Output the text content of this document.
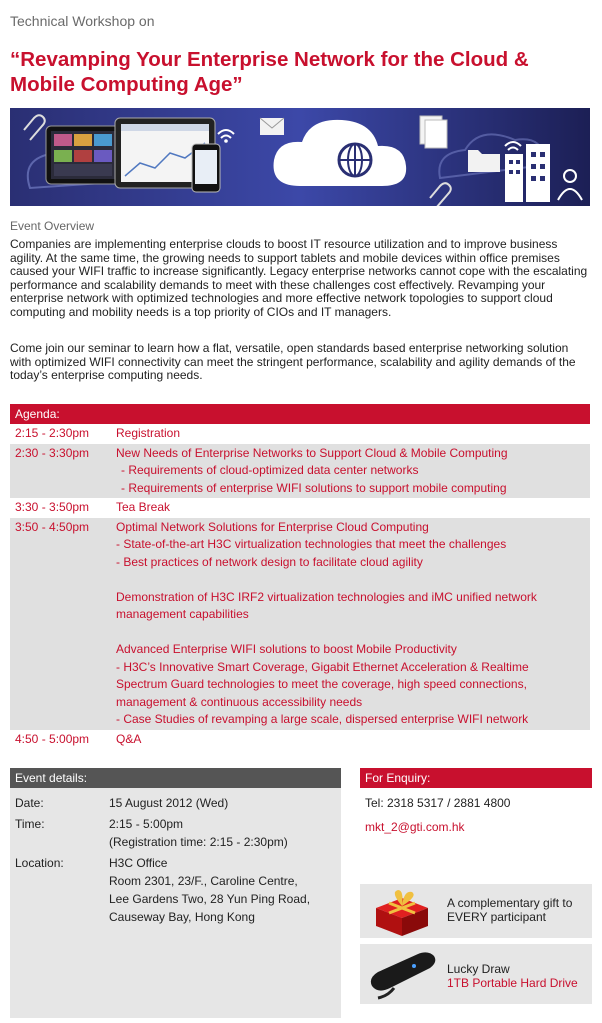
Technical Workshop on
“Revamping Your Enterprise Network for the Cloud &
Mobile Computing Age”
Event Overview
Companies are implementing enterprise clouds to boost IT resource utilization and to improve business agility. At the same time, the growing needs to support tablets and mobile devices within office premises caused your WIFI traffic to increase significantly. Legacy enterprise networks cannot cope with the escalating performance and scalability demands to meet with these challenges cost effectively. Revamping your enterprise network with optimized technologies and more effective network topologies to support cloud computing and mobility needs is a top priority of CIOs and IT managers.
Come join our seminar to learn how a flat, versatile, open standards based enterprise networking solution with optimized WIFI connectivity can meet the stringent performance, scalability and agility demands of the today’s enterprise computing needs.
Agenda:
2:15 - 2:30pm	Registration
2:30 - 3:30pm	New Needs of Enterprise Networks to Support Cloud & Mobile Computing
- Requirements of cloud-optimized data center networks
- Requirements of enterprise WIFI solutions to support mobile computing
3:30 - 3:50pm	Tea Break
3:50 - 4:50pm	Optimal Network Solutions for Enterprise Cloud Computing
- State-of-the-art H3C virtualization technologies that meet the challenges
- Best practices of network design to facilitate cloud agility
Demonstration of H3C IRF2 virtualization technologies and iMC unified network
management capabilities
Advanced Enterprise WIFI solutions to boost Mobile Productivity
- H3C’s Innovative Smart Coverage, Gigabit Ethernet Acceleration & Realtime
Spectrum Guard technologies to meet the coverage, high speed connections,
management & continuous accessibility needs
- Case Studies of revamping a large scale, dispersed enterprise WIFI network
4:50 - 5:00pm	Q&A
Event details:
Date:	15 August 2012 (Wed)
Time:	2:15 - 5:00pm
(Registration time: 2:15 - 2:30pm)
Location:	H3C Office
Room 2301, 23/F., Caroline Centre,
Lee Gardens Two, 28 Yun Ping Road,
Causeway Bay, Hong Kong
For Enquiry:
Tel: 2318 5317 / 2881 4800
mkt_2@gti.com.hk
A complementary gift to
EVERY participant
Lucky Draw
1TB Portable Hard Drive
